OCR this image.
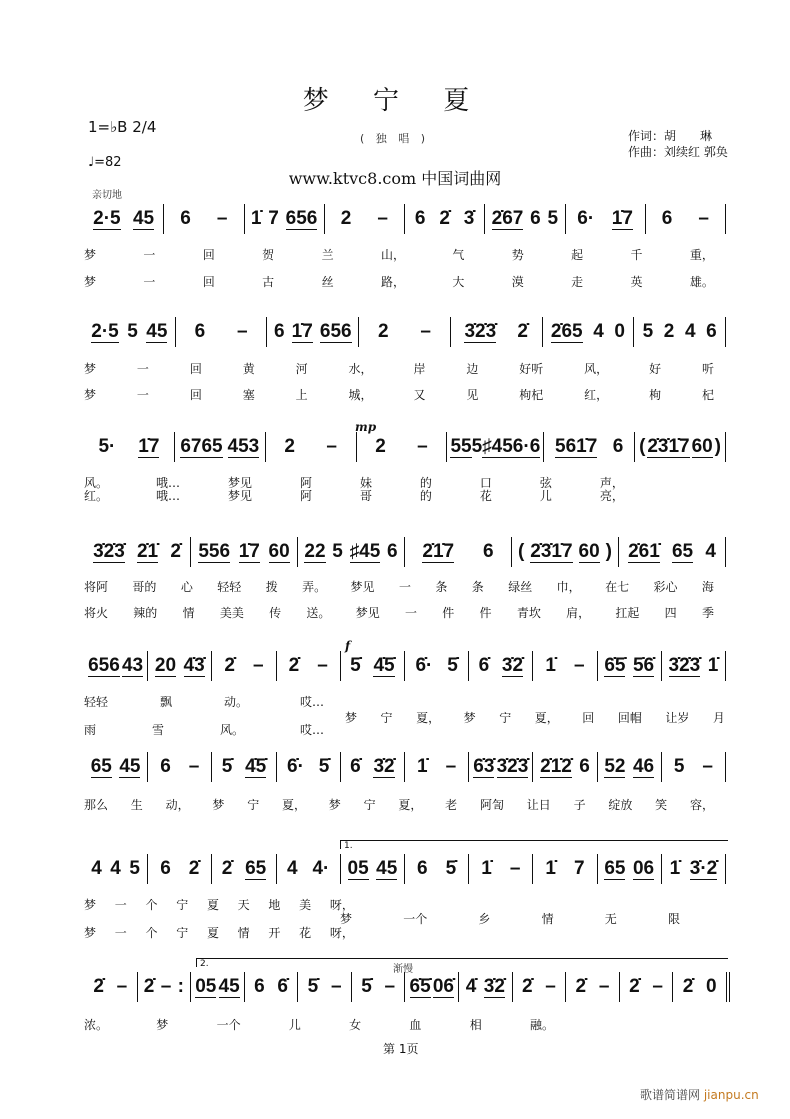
梦 宁 夏
( 独 唱 )	作词：胡　　琳
作曲：刘续红 郭奂
1=♭B 2/4
♩=82
www.ktvc8.com 中国词曲网
亲切地
2·5 45 6 – 1̇ 7 656 2 – 6 2̇ 3̇ 2̇67 6 5 6· 1̇7 6 –
梦	一	回	贺	兰	山，	气	势	起	千	重，
梦	一	回	古	丝	路，	大	漠	走	英	雄。
2·5 5 45 6 – 6 1̇7 656 2 – 3̇2̇3̇ 2̇ 2̇65 4 0 5 2 4 6
梦	一	回	黄	河	水，	岸	边	好听	风，	好	听
梦	一	回	塞	上	城，	又	见	枸杞	红，	枸	杞
5· 1̇7 6765 453 2 – 2 – 55 5 ♯45 6·6 561̇7 6 ( 2̇3̇1̇7 60 )
mp
风。	哦…	梦见	阿	妹	的	口	弦	声，
红。	哦…	梦见	阿	哥	的	花	儿	亮，
3̇2̇3̇ 2̇1̇ 2̇ 556 1̇7 60 22 5 ♯45 6 2̇1̇7 6 ( 2̇3̇1̇7 60 ) 2̇61̇ 65 4
将阿 哥的 心 轻轻 拨 弄。 梦见 一 条 条 绿丝 巾， 在七 彩心 海
将火 辣的 情 美美 传 送。 梦见 一 件 件 青坎 肩， 扛起 四 季
656 43 20 4̇3̇ 2̇ – 2̇ – 5̇ 4̇5̇ 6̇· 5̇ 6̇ 3̇2̇ 1̇ – 6̇5̇ 5̇6̇ 3̇2̇3̇ 1̇
f
轻轻	飘	动。	哎…
梦 宁 夏， 梦 宁 夏， 回 回帽 让岁 月
雨	雪	风。	哎…
65 45 6 – 5̇ 4̇5̇ 6̇· 5̇ 6̇ 3̇2̇ 1̇ – 6̇3̇ 3̇2̇3̇ 2̇1̇2̇ 6 52 46 5 –
那么 生 动， 梦 宁 夏， 梦 宁 夏， 老 阿訇 让日 子 绽放 笑 容，
4 4 5 6 2̇ 2̇ 65 4 4· 05 45 6 5̇ 1̇ – 1̇ 7 65 06 1̇ 3̇·2̇
1.
梦 一 个 宁 夏 天 地 美 呀，
梦	一个	乡	情	无	限
梦 一 个 宁 夏 情 开 花 呀，
2̇ – 2̇ – : 05 45 6 6̇ 5̇ – 5̇ – 6̇5̇ 06̇ 4̇ 3̇2̇ 2̇ – 2̇ – 2̇ – 2̇ 0
2.	渐慢
浓。	梦	一个	儿	女	血	相	融。
第 1页
歌谱简谱网 jianpu.cn
